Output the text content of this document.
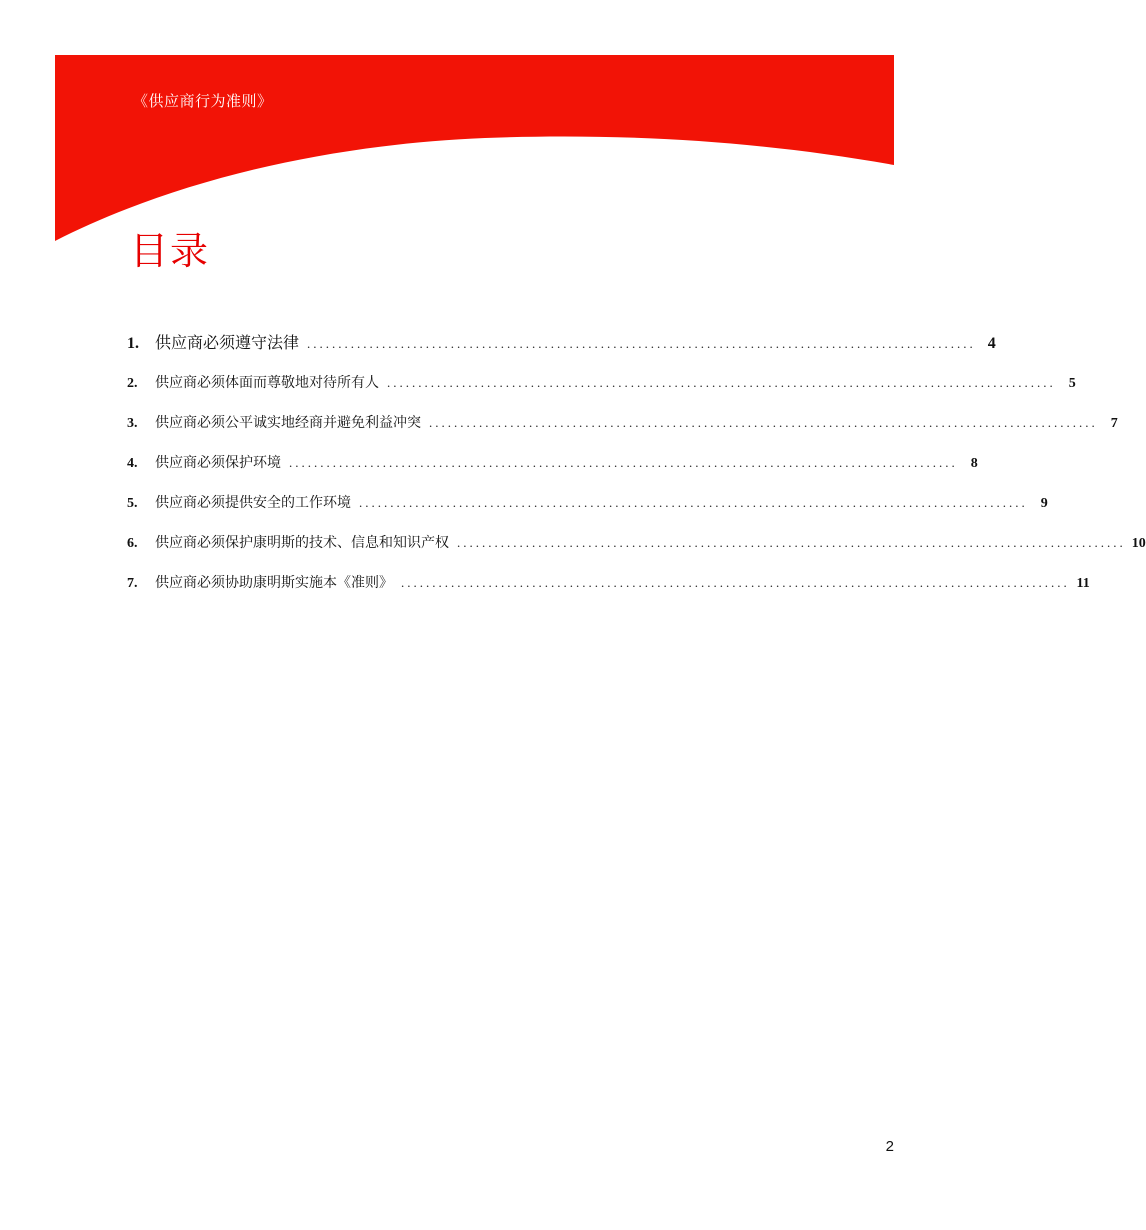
《供应商行为准则》
目录
1.	供应商必须遵守法律 ........................................................................................................... 4
2.	供应商必须体面而尊敬地对待所有人 ........................................................................................................... 5
3.	供应商必须公平诚实地经商并避免利益冲突 ........................................................................................................... 7
4.	供应商必须保护环境 ........................................................................................................... 8
5.	供应商必须提供安全的工作环境 ........................................................................................................... 9
6.	供应商必须保护康明斯的技术、信息和知识产权 ........................................................................................................... 10
7.	供应商必须协助康明斯实施本《准则》 ........................................................................................................... 11
2
